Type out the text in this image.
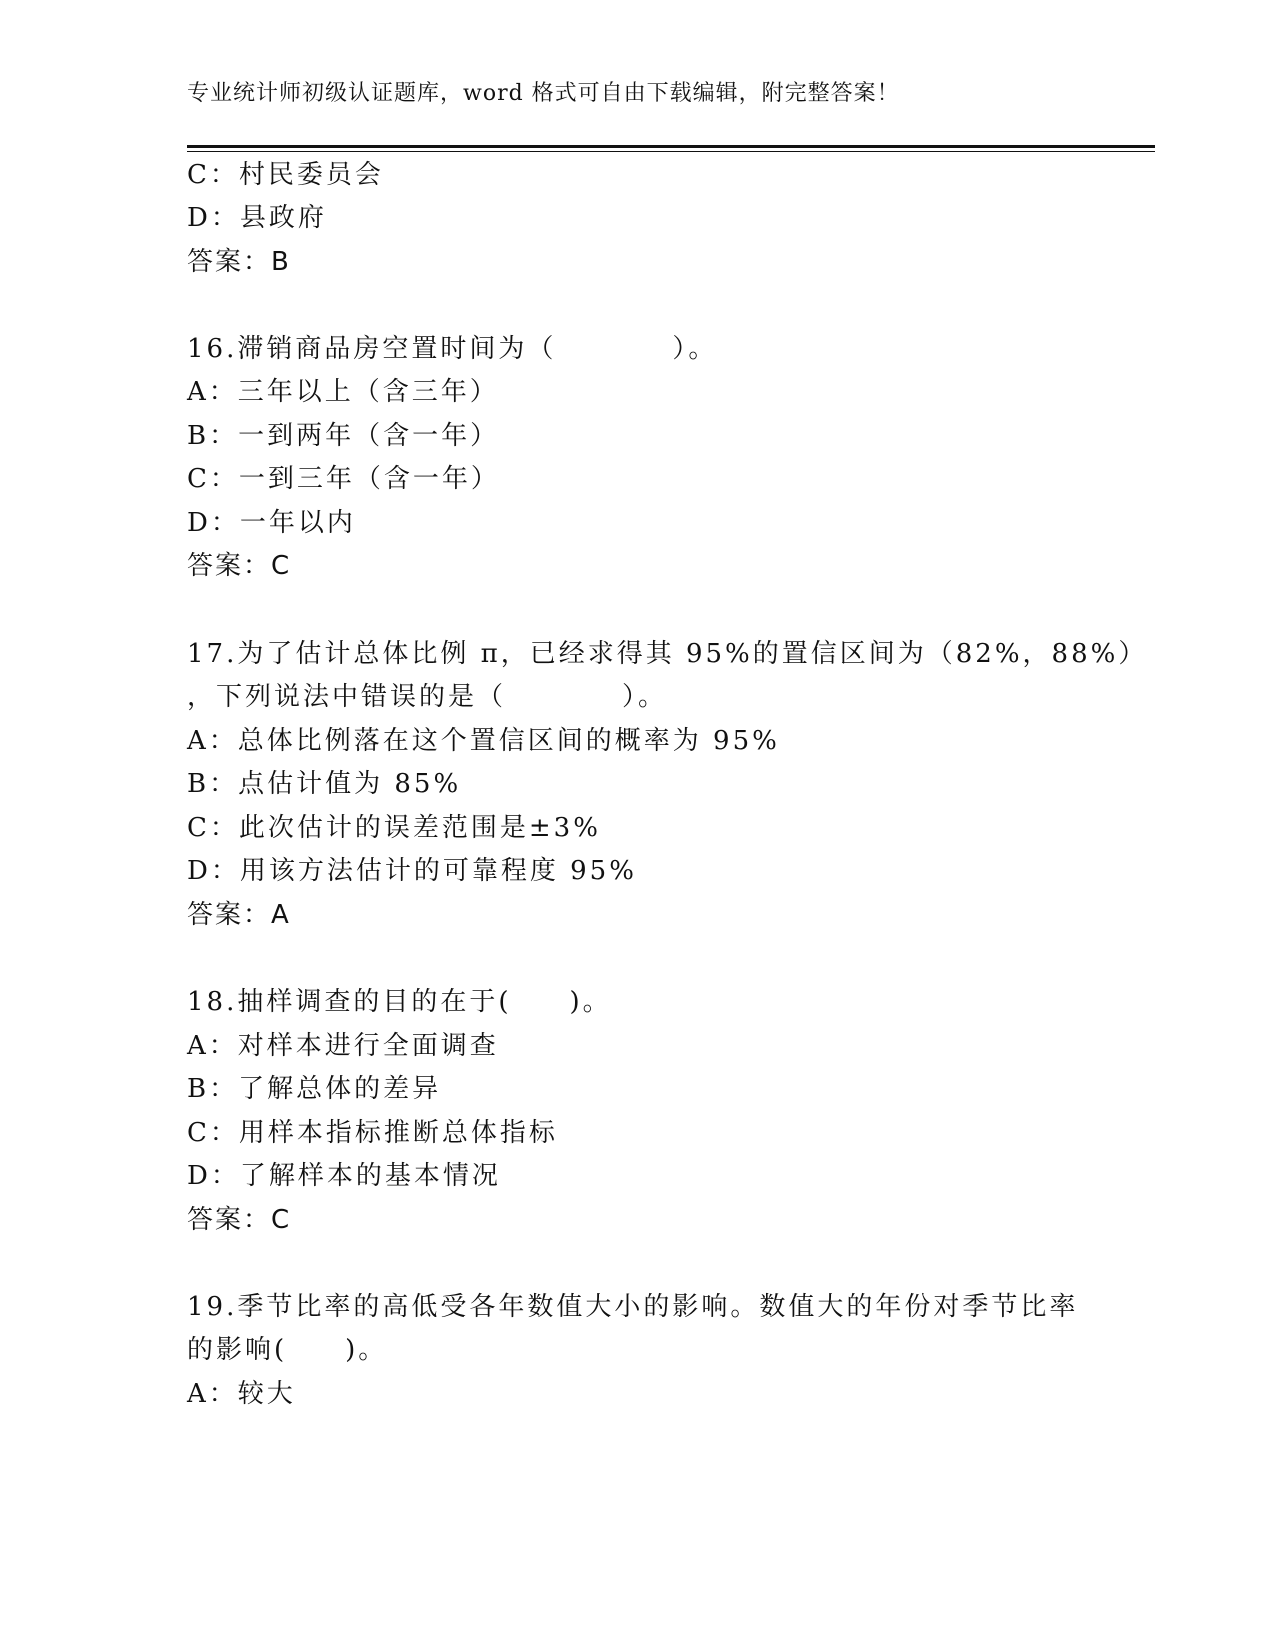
专业统计师初级认证题库，word 格式可自由下载编辑，附完整答案！
C：村民委员会
D：县政府
答案：B
16.滞销商品房空置时间为（　　　　）。
A：三年以上（含三年）
B：一到两年（含一年）
C：一到三年（含一年）
D：一年以内
答案：C
17.为了估计总体比例 π，已经求得其 95%的置信区间为（82%，88%）
，下列说法中错误的是（　　　　）。
A：总体比例落在这个置信区间的概率为 95%
B：点估计值为 85%
C：此次估计的误差范围是±3%
D：用该方法估计的可靠程度 95%
答案：A
18.抽样调查的目的在于(　　)。
A：对样本进行全面调查
B：了解总体的差异
C：用样本指标推断总体指标
D：了解样本的基本情况
答案：C
19.季节比率的高低受各年数值大小的影响。数值大的年份对季节比率
的影响(　　)。
A：较大
